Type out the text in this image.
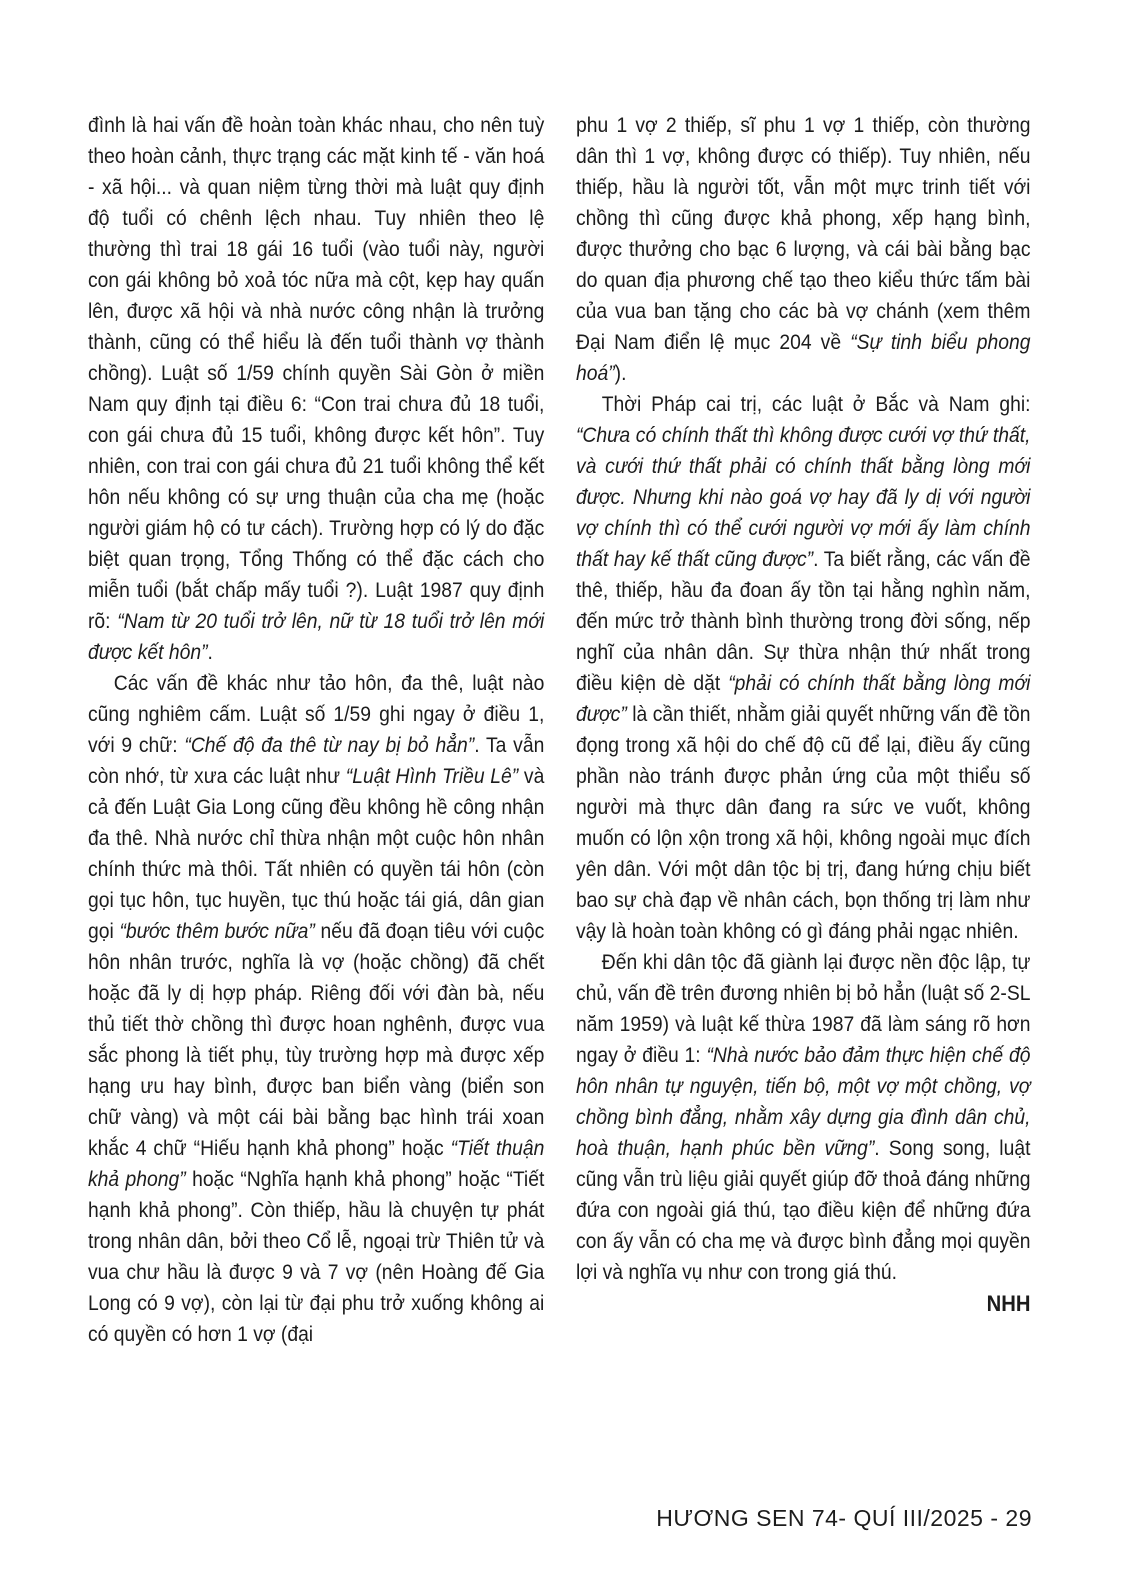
đình là hai vấn đề hoàn toàn khác nhau, cho nên tuỳ theo hoàn cảnh, thực trạng các mặt kinh tế - văn hoá - xã hội... và quan niệm từng thời mà luật quy định độ tuổi có chênh lệch nhau. Tuy nhiên theo lệ thường thì trai 18 gái 16 tuổi (vào tuổi này, người con gái không bỏ xoả tóc nữa mà cột, kẹp hay quấn lên, được xã hội và nhà nước công nhận là trưởng thành, cũng có thể hiểu là đến tuổi thành vợ thành chồng). Luật số 1/59 chính quyền Sài Gòn ở miền Nam quy định tại điều 6: “Con trai chưa đủ 18 tuổi, con gái chưa đủ 15 tuổi, không được kết hôn”. Tuy nhiên, con trai con gái chưa đủ 21 tuổi không thể kết hôn nếu không có sự ưng thuận của cha mẹ (hoặc người giám hộ có tư cách). Trường hợp có lý do đặc biệt quan trọng, Tổng Thống có thể đặc cách cho miễn tuổi (bắt chấp mấy tuổi ?). Luật 1987 quy định rõ: “Nam từ 20 tuổi trở lên, nữ từ 18 tuổi trở lên mới được kết hôn”.

Các vấn đề khác như tảo hôn, đa thê, luật nào cũng nghiêm cấm. Luật số 1/59 ghi ngay ở điều 1, với 9 chữ: “Chế độ đa thê từ nay bị bỏ hẳn”. Ta vẫn còn nhớ, từ xưa các luật như “Luật Hình Triều Lê” và cả đến Luật Gia Long cũng đều không hề công nhận đa thê. Nhà nước chỉ thừa nhận một cuộc hôn nhân chính thức mà thôi. Tất nhiên có quyền tái hôn (còn gọi tục hôn, tục huyền, tục thú hoặc tái giá, dân gian gọi “bước thêm bước nữa” nếu đã đoạn tiêu với cuộc hôn nhân trước, nghĩa là vợ (hoặc chồng) đã chết hoặc đã ly dị hợp pháp. Riêng đối với đàn bà, nếu thủ tiết thờ chồng thì được hoan nghênh, được vua sắc phong là tiết phụ, tùy trường hợp mà được xếp hạng ưu hay bình, được ban biển vàng (biển son chữ vàng) và một cái bài bằng bạc hình trái xoan khắc 4 chữ “Hiếu hạnh khả phong” hoặc “Tiết thuận khả phong” hoặc “Nghĩa hạnh khả phong” hoặc “Tiết hạnh khả phong”. Còn thiếp, hầu là chuyện tự phát trong nhân dân, bởi theo Cổ lễ, ngoại trừ Thiên tử và vua chư hầu là được 9 và 7 vợ (nên Hoàng đế Gia Long có 9 vợ), còn lại từ đại phu trở xuống không ai có quyền có hơn 1 vợ (đại

phu 1 vợ 2 thiếp, sĩ phu 1 vợ 1 thiếp, còn thường dân thì 1 vợ, không được có thiếp). Tuy nhiên, nếu thiếp, hầu là người tốt, vẫn một mực trinh tiết với chồng thì cũng được khả phong, xếp hạng bình, được thưởng cho bạc 6 lượng, và cái bài bằng bạc do quan địa phương chế tạo theo kiểu thức tấm bài của vua ban tặng cho các bà vợ chánh (xem thêm Đại Nam điển lệ mục 204 về “Sự tinh biểu phong hoá”).

Thời Pháp cai trị, các luật ở Bắc và Nam ghi: “Chưa có chính thất thì không được cưới vợ thứ thất, và cưới thứ thất phải có chính thất bằng lòng mới được. Nhưng khi nào goá vợ hay đã ly dị với người vợ chính thì có thể cưới người vợ mới ấy làm chính thất hay kế thất cũng được”. Ta biết rằng, các vấn đề thê, thiếp, hầu đa đoan ấy tồn tại hằng nghìn năm, đến mức trở thành bình thường trong đời sống, nếp nghĩ của nhân dân. Sự thừa nhận thứ nhất trong điều kiện dè dặt “phải có chính thất bằng lòng mới được” là cần thiết, nhằm giải quyết những vấn đề tồn đọng trong xã hội do chế độ cũ để lại, điều ấy cũng phần nào tránh được phản ứng của một thiểu số người mà thực dân đang ra sức ve vuốt, không muốn có lộn xộn trong xã hội, không ngoài mục đích yên dân. Với một dân tộc bị trị, đang hứng chịu biết bao sự chà đạp về nhân cách, bọn thống trị làm như vậy là hoàn toàn không có gì đáng phải ngạc nhiên.

Đến khi dân tộc đã giành lại được nền độc lập, tự chủ, vấn đề trên đương nhiên bị bỏ hẳn (luật số 2-SL năm 1959) và luật kế thừa 1987 đã làm sáng rõ hơn ngay ở điều 1: “Nhà nước bảo đảm thực hiện chế độ hôn nhân tự nguyện, tiến bộ, một vợ một chồng, vợ chồng bình đẳng, nhằm xây dựng gia đình dân chủ, hoà thuận, hạnh phúc bền vững”. Song song, luật cũng vẫn trù liệu giải quyết giúp đỡ thoả đáng những đứa con ngoài giá thú, tạo điều kiện để những đứa con ấy vẫn có cha mẹ và được bình đẳng mọi quyền lợi và nghĩa vụ như con trong giá thú.

NHH

HƯƠNG SEN 74- QUÍ III/2025 - 29
